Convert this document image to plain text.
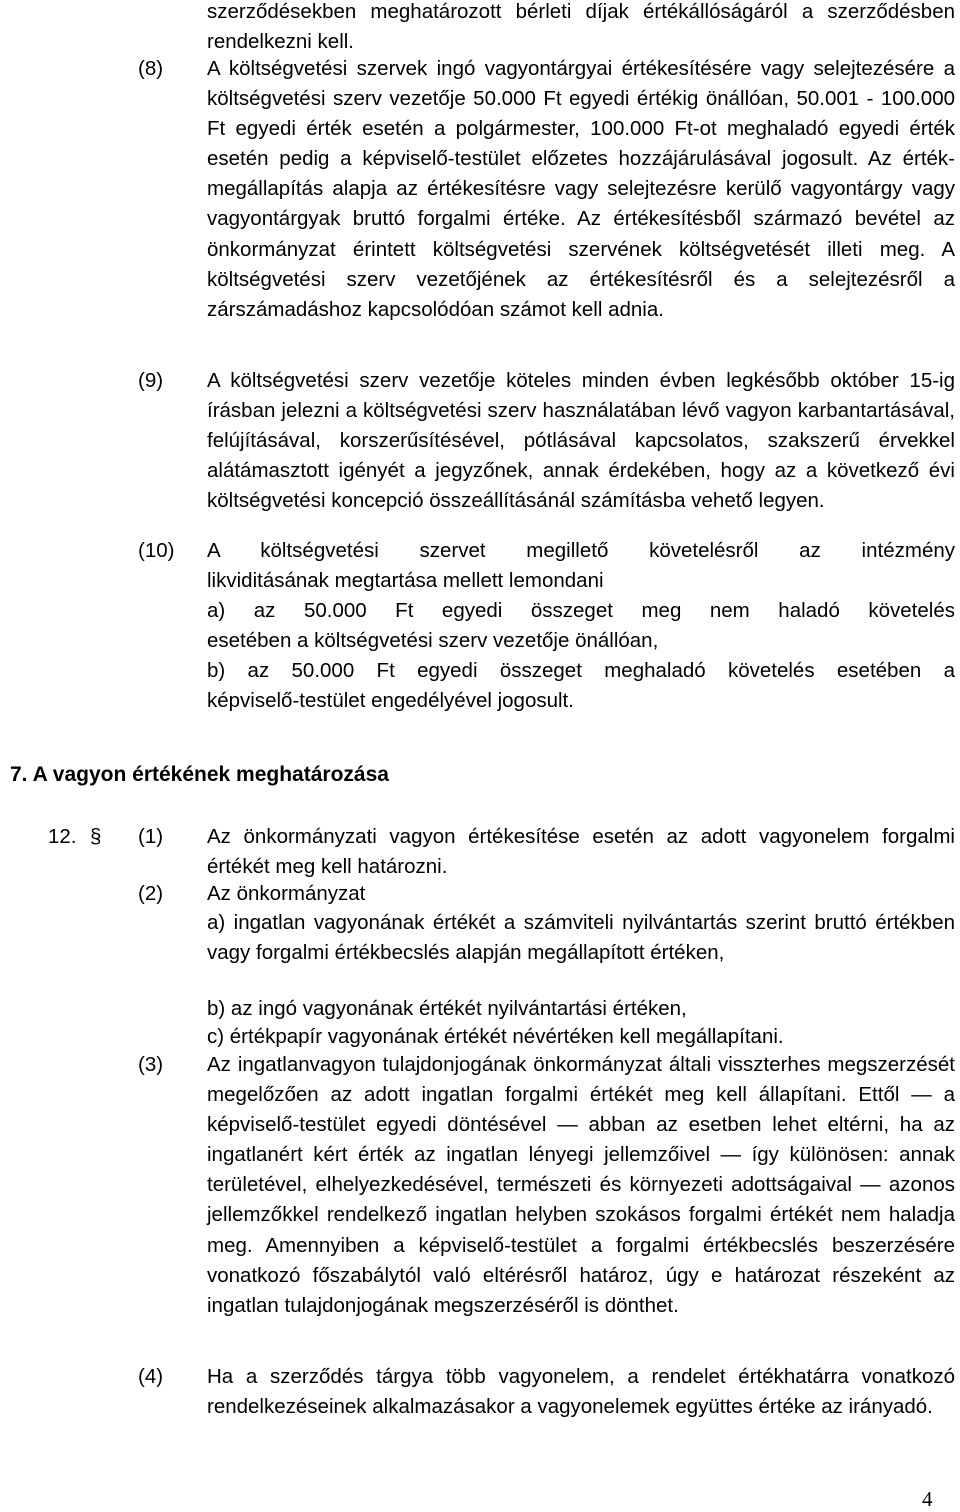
szerződésekben meghatározott bérleti díjak értékállóságáról a szerződésben rendelkezni kell.

(8) A költségvetési szervek ingó vagyontárgyai értékesítésére vagy selejtezésére a költségvetési szerv vezetője 50.000 Ft egyedi értékig önállóan, 50.001 - 100.000 Ft egyedi érték esetén a polgármester, 100.000 Ft-ot meghaladó egyedi érték esetén pedig a képviselő-testület előzetes hozzájárulásával jogosult. Az érték-megállapítás alapja az értékesítésre vagy selejtezésre kerülő vagyontárgy vagy vagyontárgyak bruttó forgalmi értéke. Az értékesítésből származó bevétel az önkormányzat érintett költségvetési szervének költségvetését illeti meg. A költségvetési szerv vezetőjének az értékesítésről és a selejtezésről a zárszámadáshoz kapcsolódóan számot kell adnia.

(9) A költségvetési szerv vezetője köteles minden évben legkésőbb október 15-ig írásban jelezni a költségvetési szerv használatában lévő vagyon karbantartásával, felújításával, korszerűsítésével, pótlásával kapcsolatos, szakszerű érvekkel alátámasztott igényét a jegyzőnek, annak érdekében, hogy az a következő évi költségvetési koncepció összeállításánál számításba vehető legyen.

(10) A költségvetési szervet megillető követelésről az intézmény
likviditásának megtartása mellett lemondani
a) az 50.000 Ft egyedi összeget meg nem haladó követelés
esetében a költségvetési szerv vezetője önállóan,
b) az 50.000 Ft egyedi összeget meghaladó követelés esetében a
képviselő-testület engedélyével jogosult.
7. A vagyon értékének meghatározása
12. § (1) Az önkormányzati vagyon értékesítése esetén az adott vagyonelem forgalmi értékét meg kell határozni.

(2) Az önkormányzat

a) ingatlan vagyonának értékét a számviteli nyilvántartás szerint bruttó értékben vagy forgalmi értékbecslés alapján megállapított értéken,

b) az ingó vagyonának értékét nyilvántartási értéken,
c) értékpapír vagyonának értékét névértéken kell megállapítani.
(3) Az ingatlanvagyon tulajdonjogának önkormányzat általi visszterhes megszerzését megelőzően az adott ingatlan forgalmi értékét meg kell állapítani. Ettől — a képviselő-testület egyedi döntésével — abban az esetben lehet eltérni, ha az ingatlanért kért érték az ingatlan lényegi jellemzőivel — így különösen: annak területével, elhelyezkedésével, természeti és környezeti adottságaival — azonos jellemzőkkel rendelkező ingatlan helyben szokásos forgalmi értékét nem haladja meg. Amennyiben a képviselő-testület a forgalmi értékbecslés beszerzésére vonatkozó főszabálytól való eltérésről határoz, úgy e határozat részeként az ingatlan tulajdonjogának megszerzéséről is dönthet.

(4) Ha a szerződés tárgya több vagyonelem, a rendelet értékhatárra vonatkozó rendelkezéseinek alkalmazásakor a vagyonelemek együttes értéke az irányadó.

4
